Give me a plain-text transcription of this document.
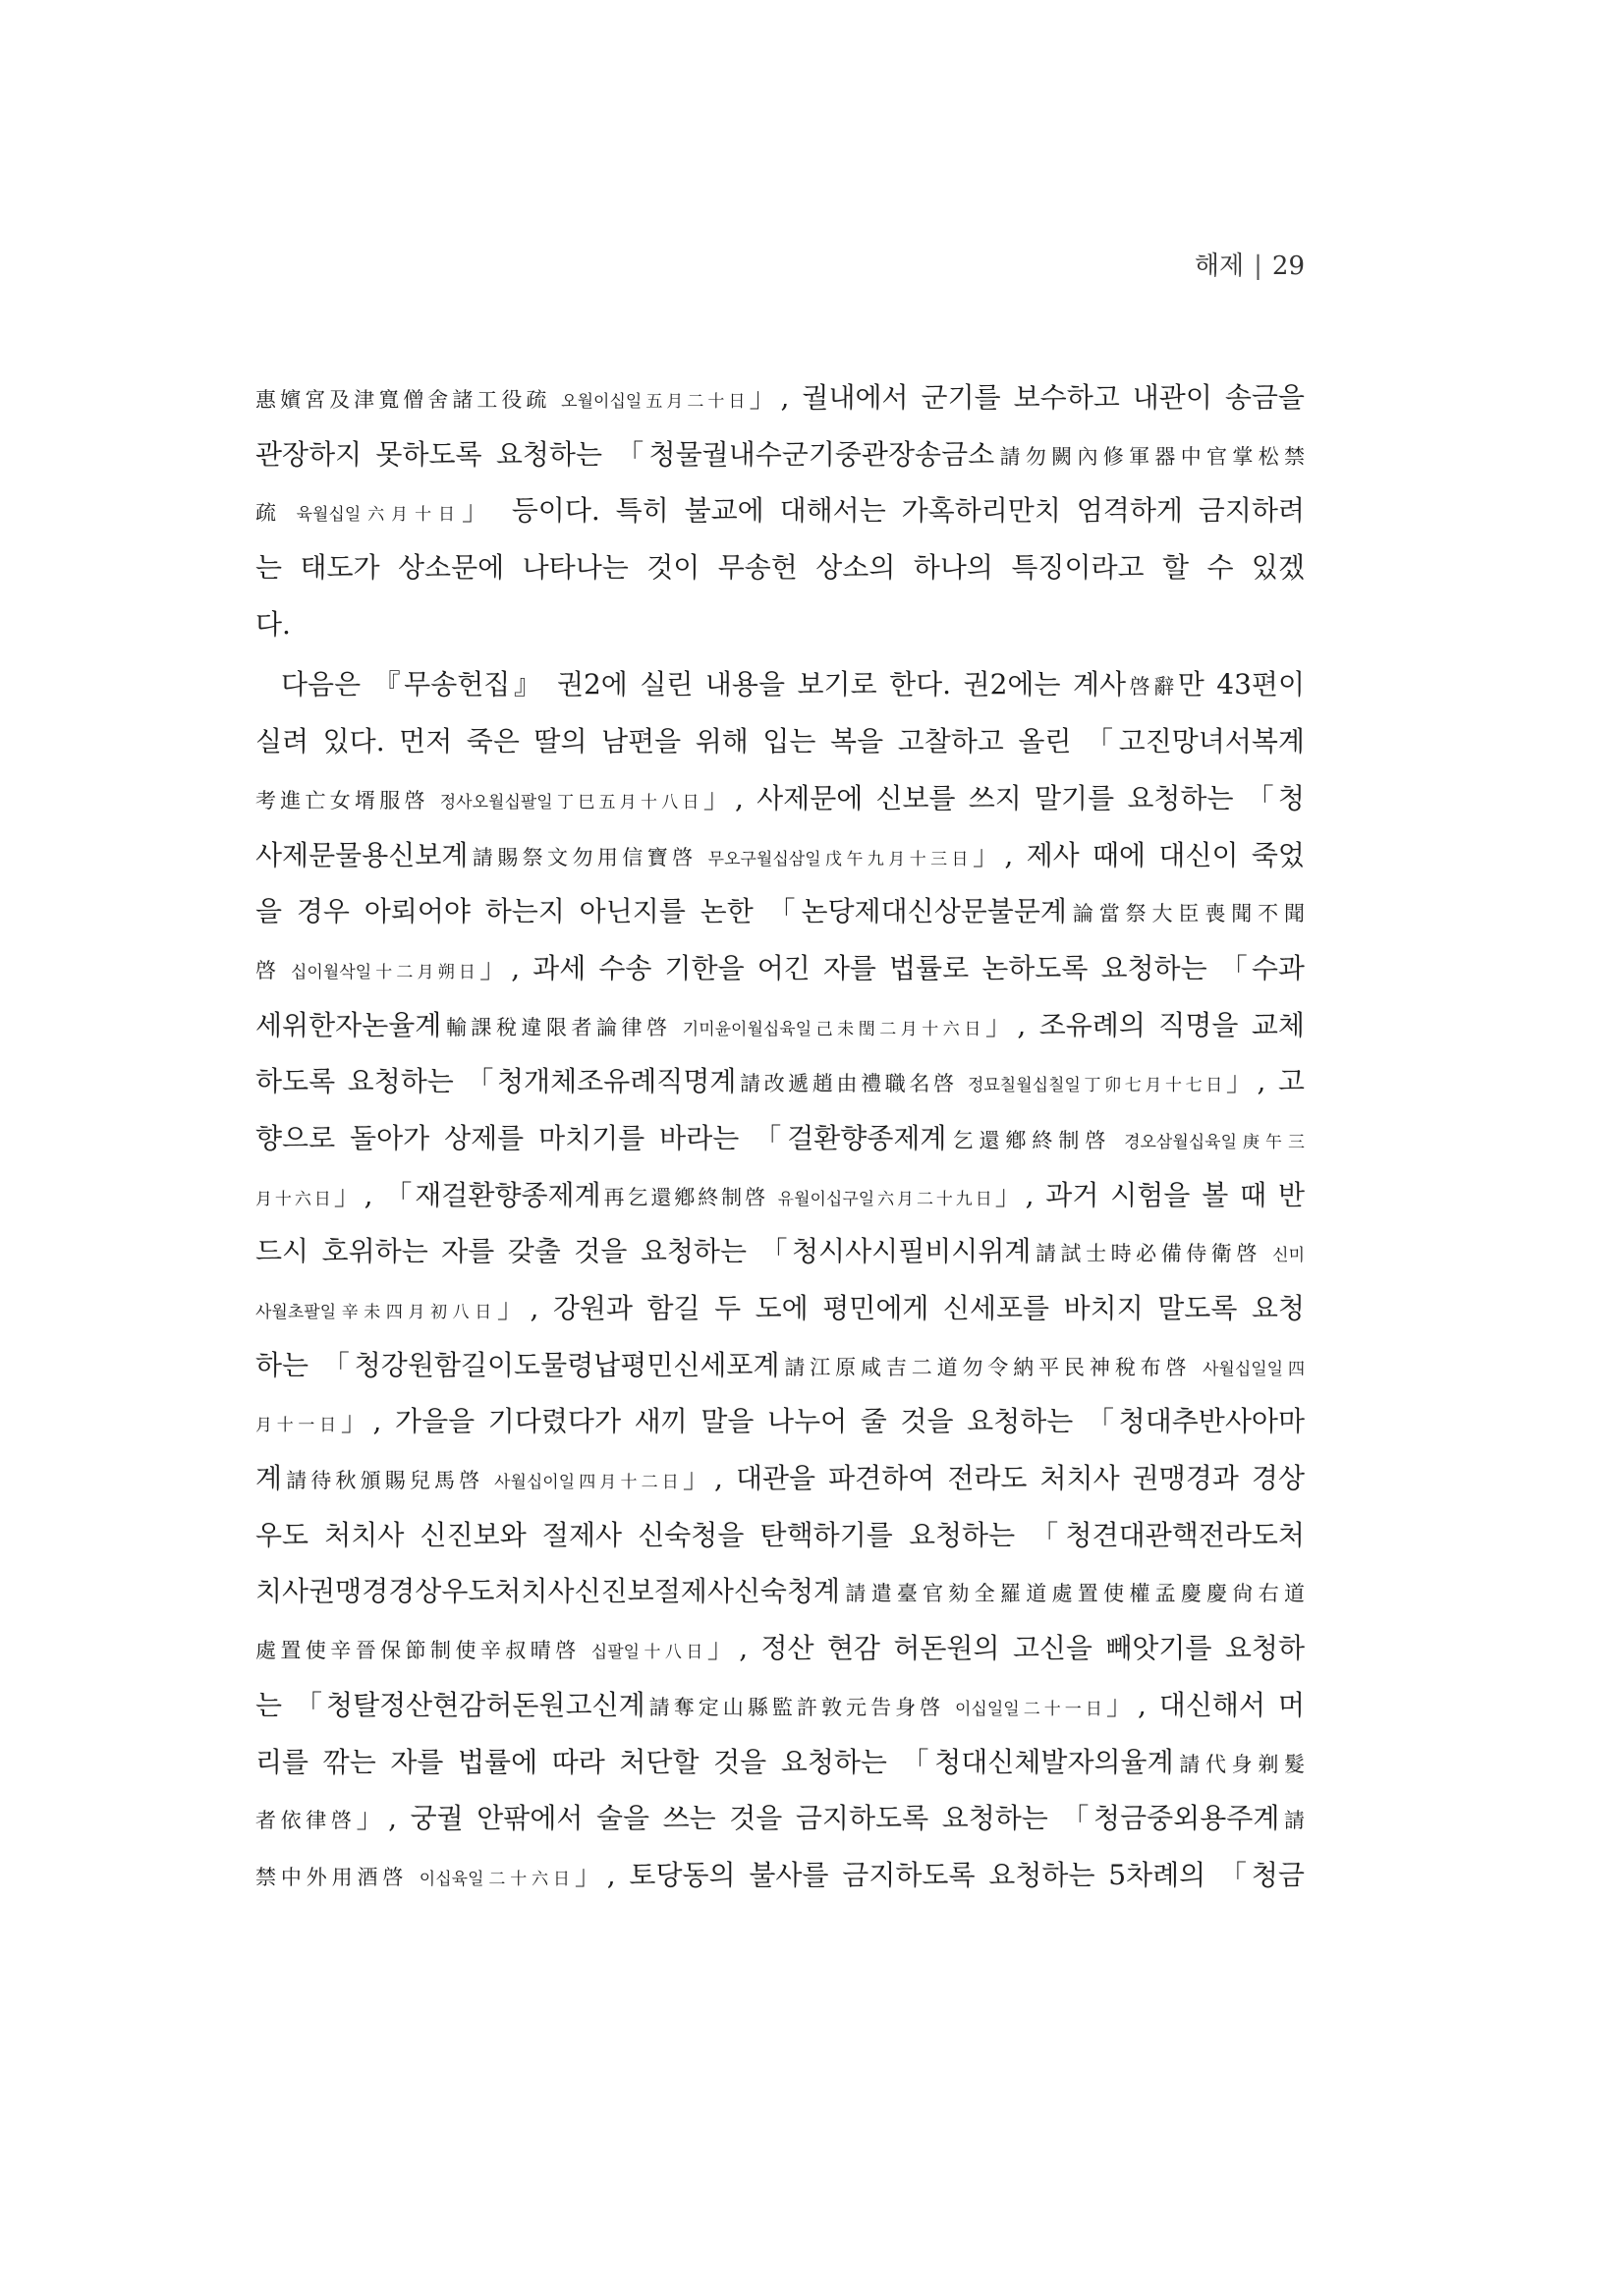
해제 | 29
惠嬪宮及津寬僧舍諸工役疏 오월이십일五月二十日」, 궐내에서 군기를 보수하고 내관이 송금을
관장하지 못하도록 요청하는 「청물궐내수군기중관장송금소請勿闕內修軍器中官掌松禁
疏 육월십일六月十日」 등이다. 특히 불교에 대해서는 가혹하리만치 엄격하게 금지하려
는 태도가 상소문에 나타나는 것이 무송헌 상소의 하나의 특징이라고 할 수 있겠
다.
다음은 『무송헌집』 권2에 실린 내용을 보기로 한다. 권2에는 계사啓辭만 43편이
실려 있다. 먼저 죽은 딸의 남편을 위해 입는 복을 고찰하고 올린 「고진망녀서복계
考進亡女壻服啓 정사오월십팔일丁巳五月十八日」, 사제문에 신보를 쓰지 말기를 요청하는 「청
사제문물용신보계請賜祭文勿用信寶啓 무오구월십삼일戊午九月十三日」, 제사 때에 대신이 죽었
을 경우 아뢰어야 하는지 아닌지를 논한 「논당제대신상문불문계論當祭大臣喪聞不聞
啓 십이월삭일十二月朔日」, 과세 수송 기한을 어긴 자를 법률로 논하도록 요청하는 「수과
세위한자논율계輸課稅違限者論律啓 기미윤이월십육일己未閏二月十六日」, 조유례의 직명을 교체
하도록 요청하는 「청개체조유례직명계請改遞趙由禮職名啓 정묘칠월십칠일丁卯七月十七日」, 고
향으로 돌아가 상제를 마치기를 바라는 「걸환향종제계乞還鄕終制啓 경오삼월십육일庚午三
月十六日」, 「재걸환향종제계再乞還鄕終制啓 유월이십구일六月二十九日」, 과거 시험을 볼 때 반
드시 호위하는 자를 갖출 것을 요청하는 「청시사시필비시위계請試士時必備侍衛啓 신미
사월초팔일辛未四月初八日」, 강원과 함길 두 도에 평민에게 신세포를 바치지 말도록 요청
하는 「청강원함길이도물령납평민신세포계請江原咸吉二道勿令納平民神稅布啓 사월십일일四
月十一日」, 가을을 기다렸다가 새끼 말을 나누어 줄 것을 요청하는 「청대추반사아마
계請待秋頒賜兒馬啓 사월십이일四月十二日」, 대관을 파견하여 전라도 처치사 권맹경과 경상
우도 처치사 신진보와 절제사 신숙청을 탄핵하기를 요청하는 「청견대관핵전라도처
치사권맹경경상우도처치사신진보절제사신숙청계請遣臺官劾全羅道處置使權孟慶慶尙右道
處置使辛晉保節制使辛叔晴啓 십팔일十八日」, 정산 현감 허돈원의 고신을 빼앗기를 요청하
는 「청탈정산현감허돈원고신계請奪定山縣監許敦元告身啓 이십일일二十一日」, 대신해서 머
리를 깎는 자를 법률에 따라 처단할 것을 요청하는 「청대신체발자의율계請代身剃髮
者依律啓」, 궁궐 안팎에서 술을 쓰는 것을 금지하도록 요청하는 「청금중외용주계請
禁中外用酒啓 이십육일二十六日」, 토당동의 불사를 금지하도록 요청하는 5차례의 「청금
